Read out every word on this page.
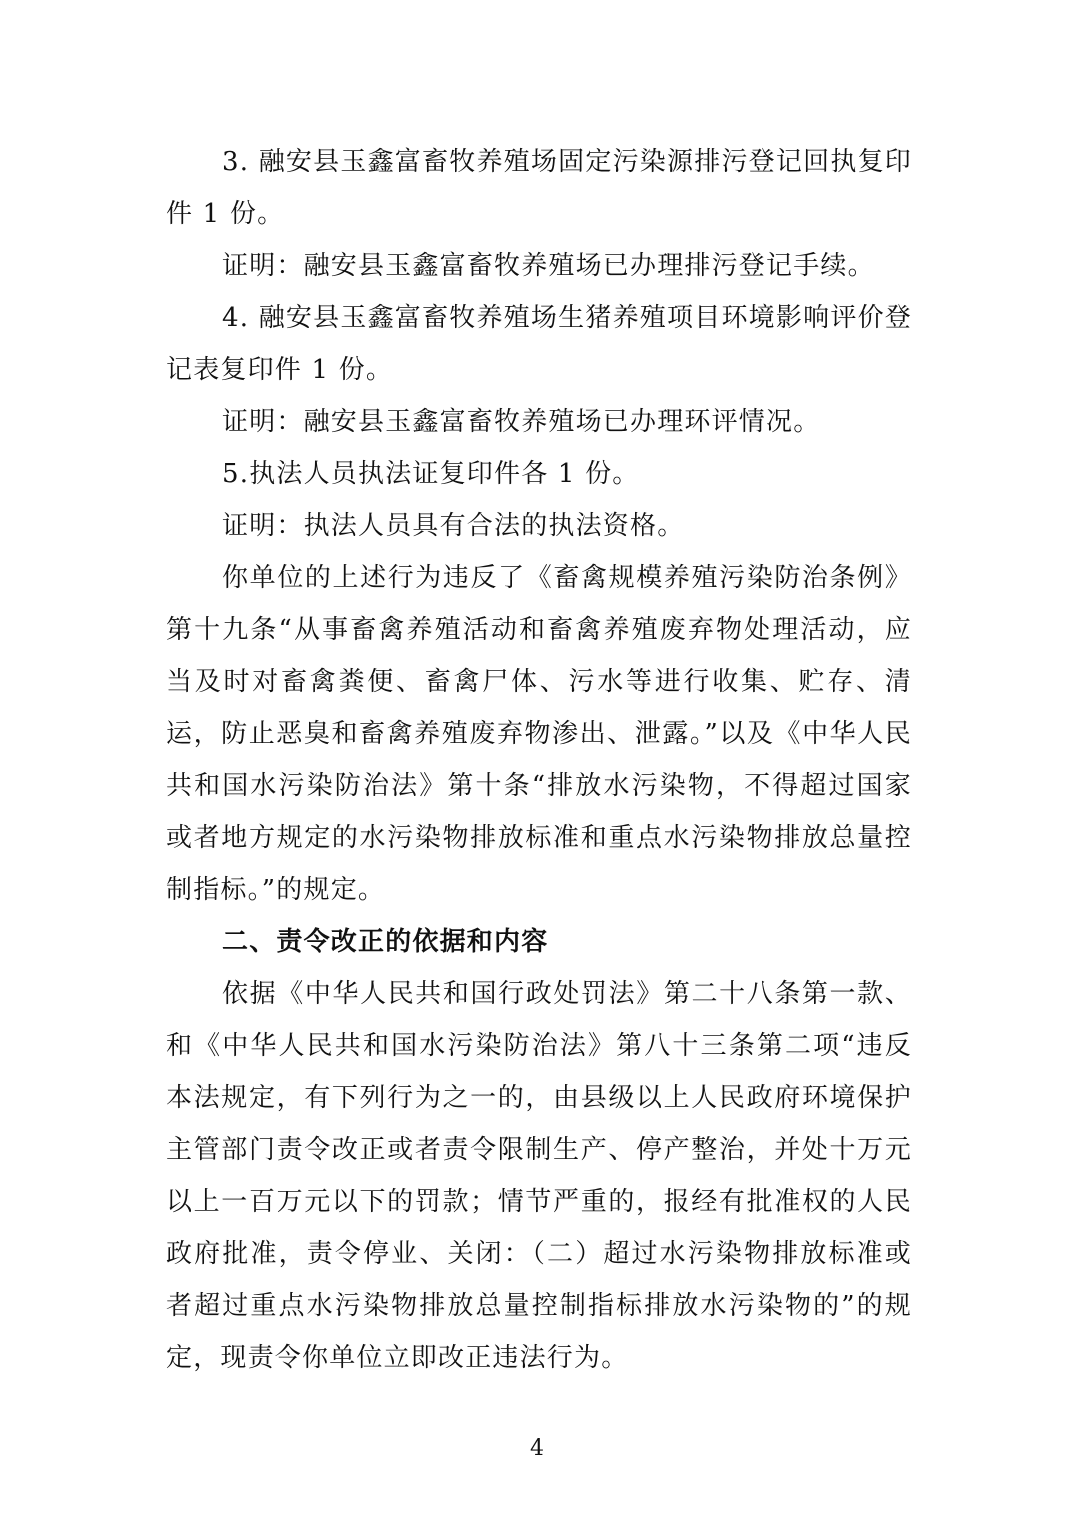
3. 融安县玉鑫富畜牧养殖场固定污染源排污登记回执复印件 1 份。

证明：融安县玉鑫富畜牧养殖场已办理排污登记手续。

4. 融安县玉鑫富畜牧养殖场生猪养殖项目环境影响评价登记表复印件 1 份。

证明：融安县玉鑫富畜牧养殖场已办理环评情况。

5.执法人员执法证复印件各 1 份。

证明：执法人员具有合法的执法资格。

你单位的上述行为违反了《畜禽规模养殖污染防治条例》第十九条“从事畜禽养殖活动和畜禽养殖废弃物处理活动，应当及时对畜禽粪便、畜禽尸体、污水等进行收集、贮存、清运，防止恶臭和畜禽养殖废弃物渗出、泄露。”以及《中华人民共和国水污染防治法》第十条“排放水污染物，不得超过国家或者地方规定的水污染物排放标准和重点水污染物排放总量控制指标。”的规定。

二、责令改正的依据和内容

依据《中华人民共和国行政处罚法》第二十八条第一款、和《中华人民共和国水污染防治法》第八十三条第二项“违反本法规定，有下列行为之一的，由县级以上人民政府环境保护主管部门责令改正或者责令限制生产、停产整治，并处十万元以上一百万元以下的罚款；情节严重的，报经有批准权的人民政府批准，责令停业、关闭：（二）超过水污染物排放标准或者超过重点水污染物排放总量控制指标排放水污染物的”的规定，现责令你单位立即改正违法行为。

4
